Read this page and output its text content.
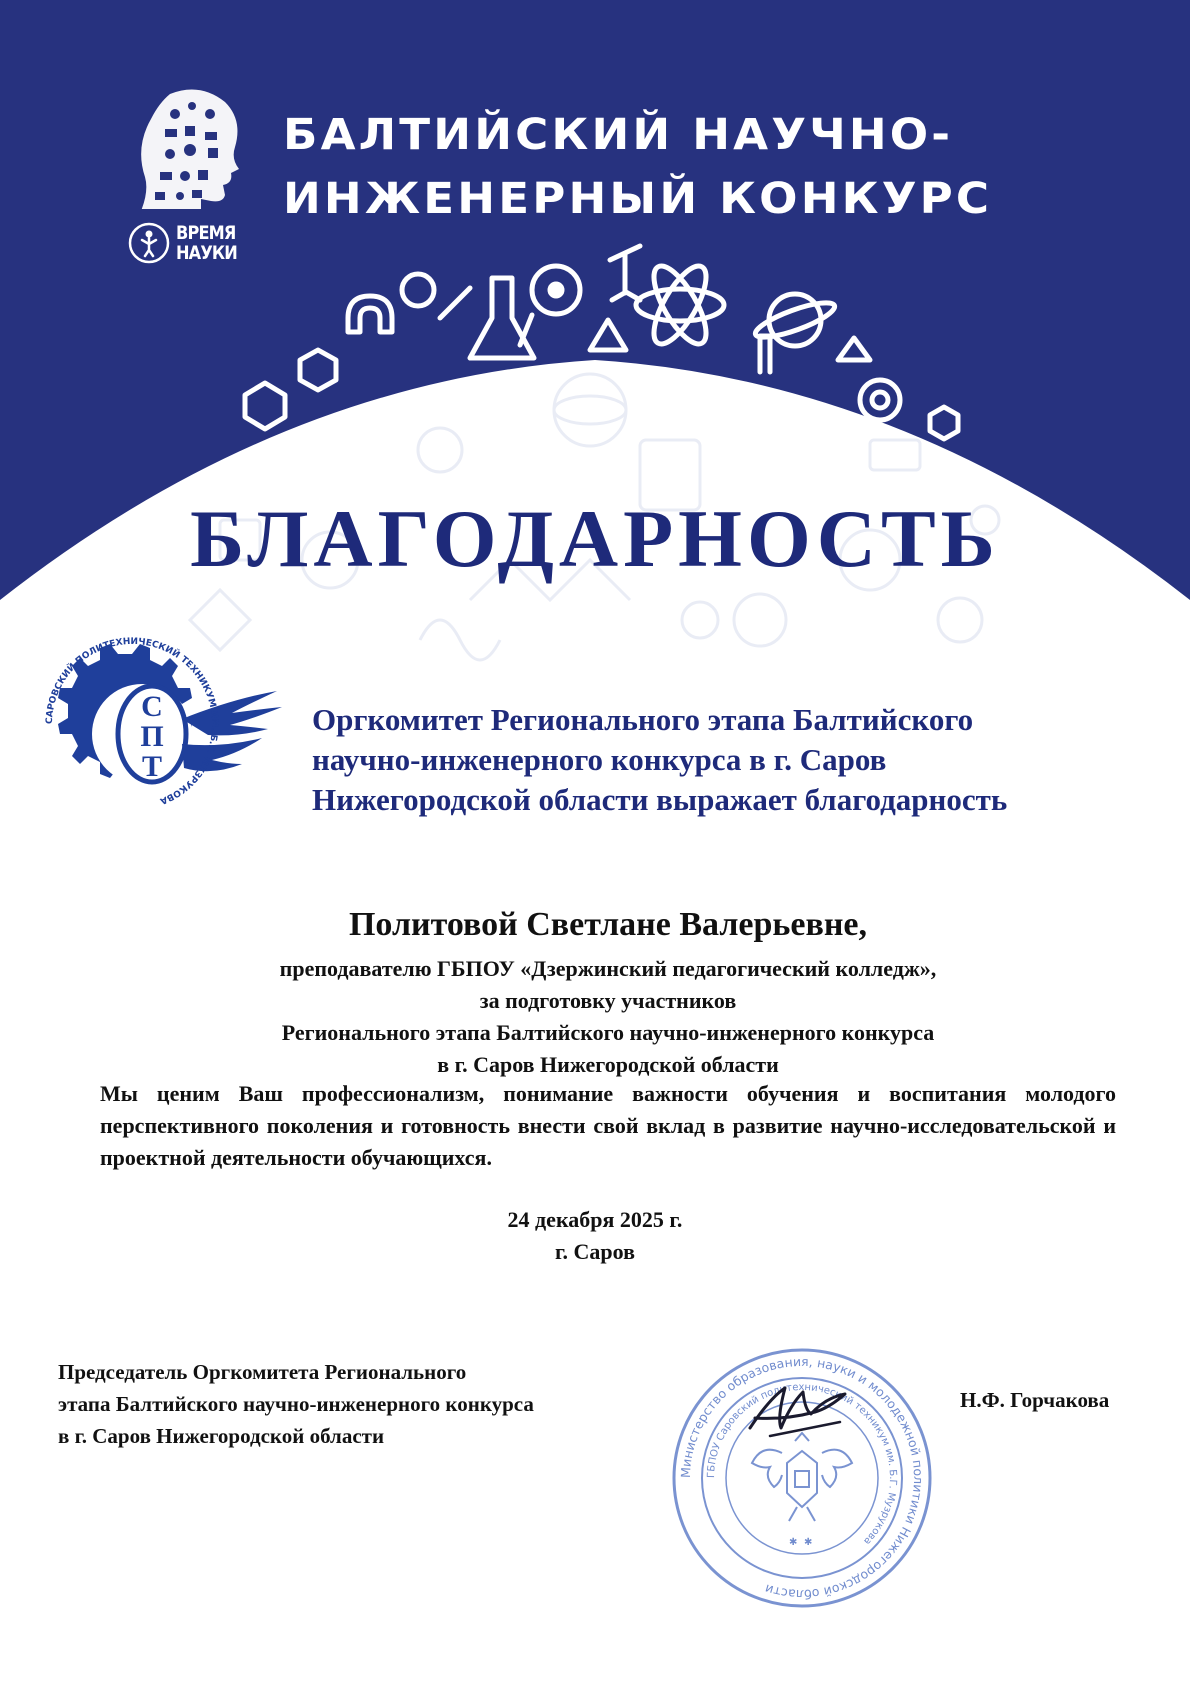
ВРЕМЯ
НАУКИ
БАЛТИЙСКИЙ НАУЧНО-
ИНЖЕНЕРНЫЙ КОНКУРС
БЛАГОДАРНОСТЬ
С
П
Т
САРОВСКИЙ ПОЛИТЕХНИЧЕСКИЙ ТЕХНИКУМ ИМ. Б.Г. МУЗРУКОВА

Оргкомитет Регионального этапа Балтийского
научно-инженерного конкурса в г. Саров
Нижегородской области выражает благодарность

Политовой Светлане Валерьевне,

преподавателю ГБПОУ «Дзержинский педагогический колледж»,

за подготовку участников

Регионального этапа Балтийского научно-инженерного конкурса

в г. Саров Нижегородской области

Мы ценим Ваш профессионализм, понимание важности обучения и воспитания молодого перспективного поколения и готовность внести свой вклад в развитие научно-исследовательской и проектной деятельности обучающихся.

24 декабря 2025 г.
г. Саров
Председатель Оргкомитета Регионального
этапа Балтийского научно-инженерного конкурса
в г. Саров Нижегородской области
Министерство образования, науки и молодежной политики Нижегородской области
ГБПОУ Саровский политехнический техникум им. Б.Г. Музрукова
✱ ✱
Н.Ф. Горчакова
